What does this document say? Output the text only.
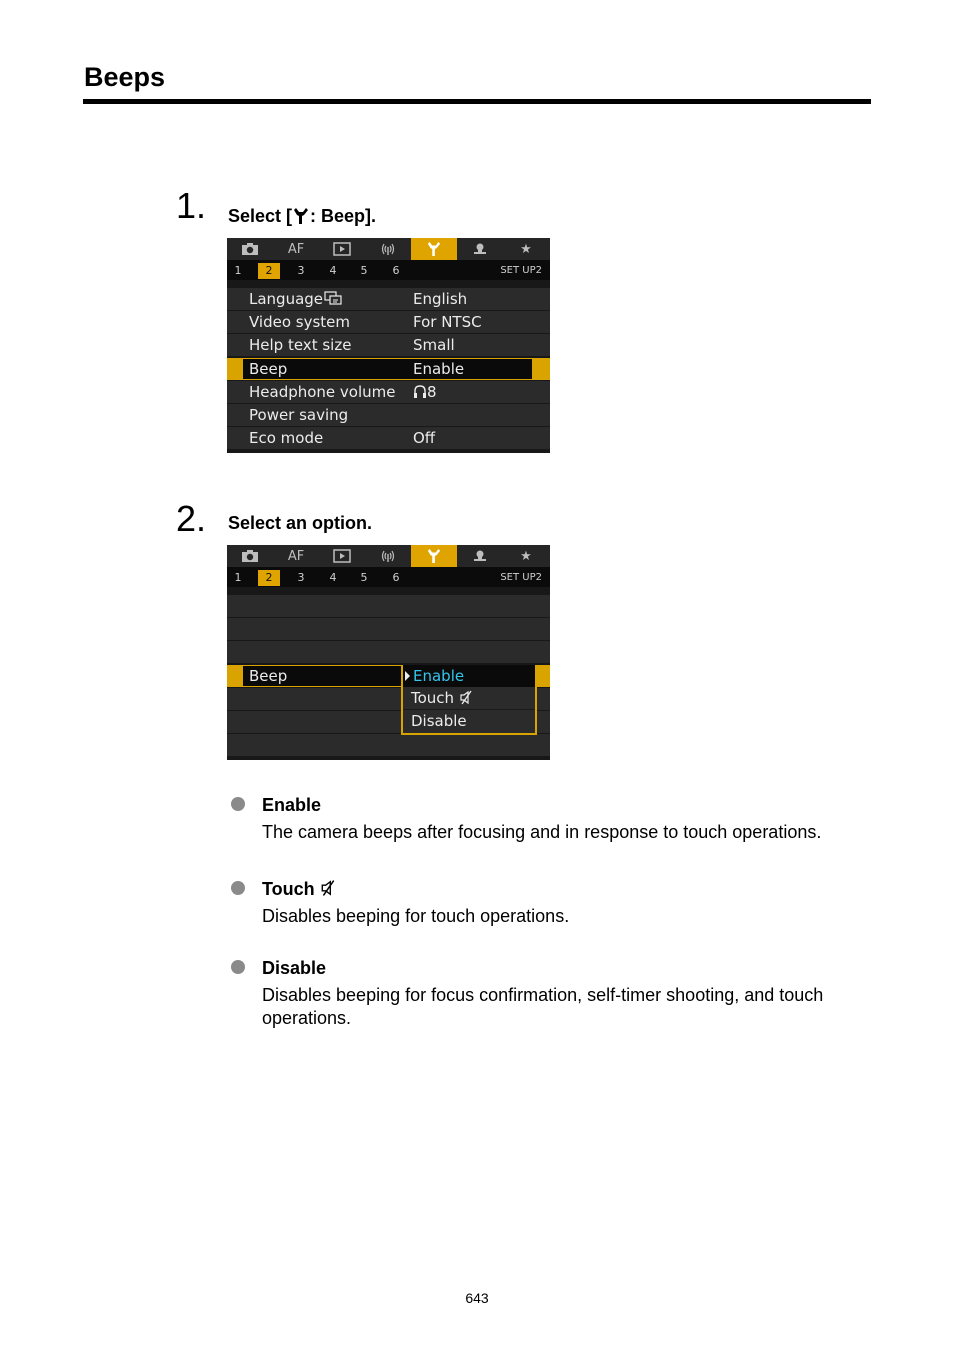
Beeps
1. Select [ : Beep].
AF	★
1	2	3	4	5	6	SET UP2
Language	English
Video system	For NTSC
Help text size	Small
Beep	Enable
Headphone volume	8
Power saving
Eco mode	Off
2. Select an option.
AF	★
1	2	3	4	5	6	SET UP2
Beep	Enable
Touch
Disable
Enable
The camera beeps after focusing and in response to touch operations.
Touch
Disables beeping for touch operations.
Disable
Disables beeping for focus confirmation, self-timer shooting, and touch operations.
643
